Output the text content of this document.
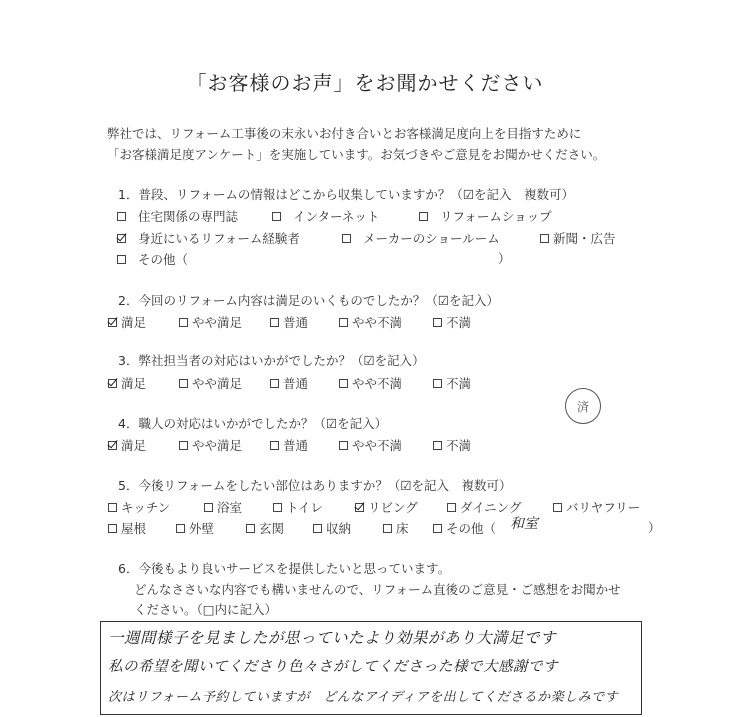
「お客様のお声」をお聞かせください
弊社では、リフォーム工事後の末永いお付き合いとお客様満足度向上を目指すために
「お客様満足度アンケート」を実施しています。お気づきやご意見をお聞かせください。
1．普段、リフォームの情報はどこから収集していますか？（☑を記入　複数可）
住宅関係の専門誌	インターネット	リフォームショップ
身近にいるリフォーム経験者	メーカーのショールーム	新聞・広告
その他（	）
2．今回のリフォーム内容は満足のいくものでしたか？（☑を記入）
満足	やや満足	普通	やや不満	不満
3．弊社担当者の対応はいかがでしたか？（☑を記入）
満足	やや満足	普通	やや不満	不満
済
4．職人の対応はいかがでしたか？（☑を記入）
満足	やや満足	普通	やや不満	不満
5．今後リフォームをしたい部位はありますか？（☑を記入　複数可）
キッチン	浴室	トイレ	リビング	ダイニング	バリヤフリー
屋根	外壁	玄関	収納	床	その他（ 和室	）
6．今後もより良いサービスを提供したいと思っています。
どんなささいな内容でも構いませんので、リフォーム直後のご意見・ご感想をお聞かせ
ください。（□内に記入）
一週間様子を見ましたが思っていたより効果があり大満足です
私の希望を聞いてくださり色々さがしてくださった様で大感謝です
次はリフォーム予約していますが　どんなアイディアを出してくださるか楽しみです
